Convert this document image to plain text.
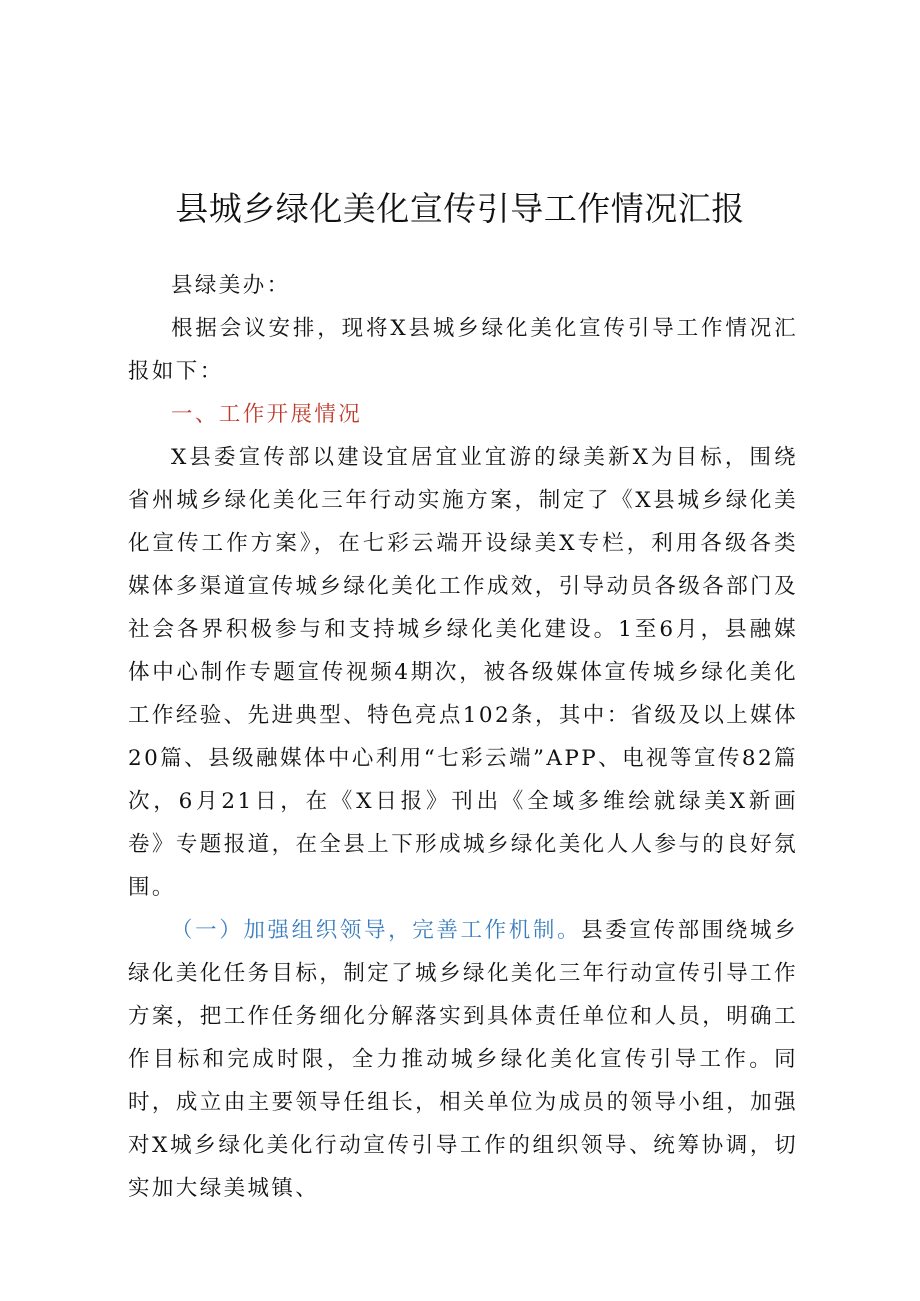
县城乡绿化美化宣传引导工作情况汇报

县绿美办：

根据会议安排，现将X县城乡绿化美化宣传引导工作情况汇报如下：

一、工作开展情况

X县委宣传部以建设宜居宜业宜游的绿美新X为目标，围绕省州城乡绿化美化三年行动实施方案，制定了《X县城乡绿化美化宣传工作方案》，在七彩云端开设绿美X专栏，利用各级各类媒体多渠道宣传城乡绿化美化工作成效，引导动员各级各部门及社会各界积极参与和支持城乡绿化美化建设。1至6月，县融媒体中心制作专题宣传视频4期次，被各级媒体宣传城乡绿化美化工作经验、先进典型、特色亮点102条，其中：省级及以上媒体20篇、县级融媒体中心利用“七彩云端”APP、电视等宣传82篇次，6月21日，在《X日报》刊出《全域多维绘就绿美X新画卷》专题报道，在全县上下形成城乡绿化美化人人参与的良好氛围。

（一）加强组织领导，完善工作机制。县委宣传部围绕城乡绿化美化任务目标，制定了城乡绿化美化三年行动宣传引导工作方案，把工作任务细化分解落实到具体责任单位和人员，明确工作目标和完成时限，全力推动城乡绿化美化宣传引导工作。同时，成立由主要领导任组长，相关单位为成员的领导小组，加强对X城乡绿化美化行动宣传引导工作的组织领导、统筹协调，切实加大绿美城镇、
